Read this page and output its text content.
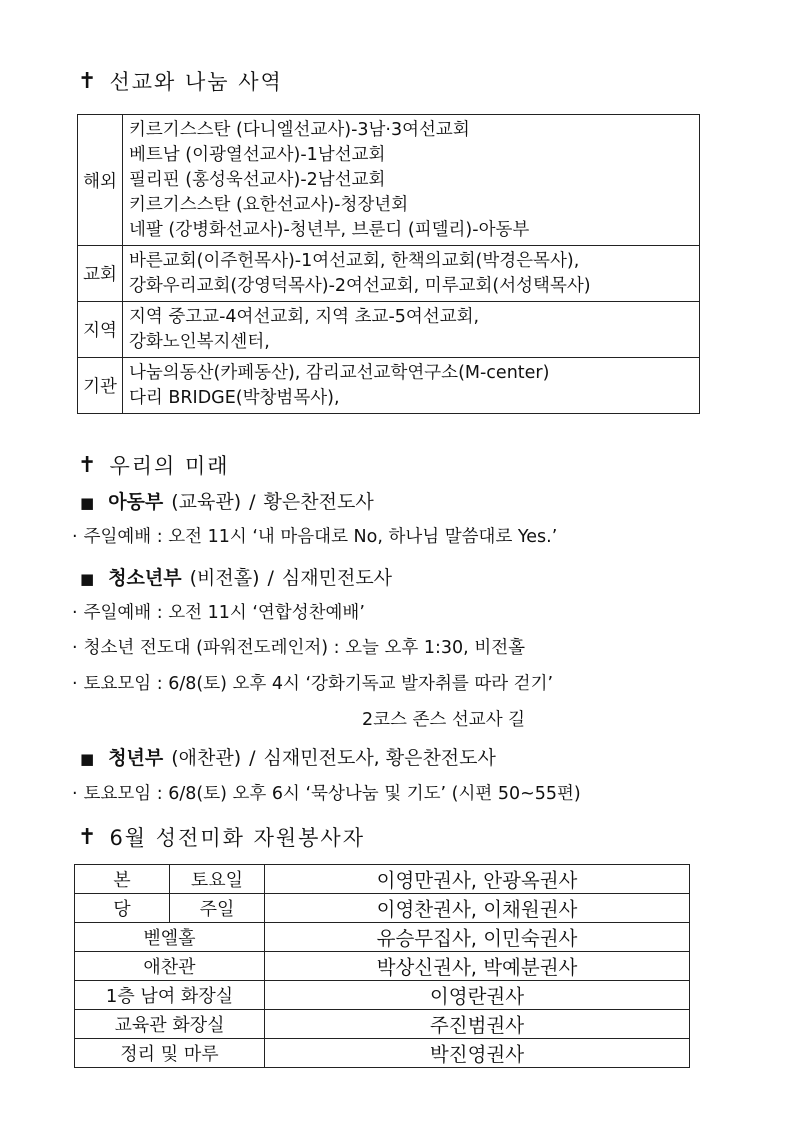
✝ 선교와 나눔 사역
해외	키르기스스탄 (다니엘선교사)-3남·3여선교회
베트남 (이광열선교사)-1남선교회
필리핀 (홍성욱선교사)-2남선교회
키르기스스탄 (요한선교사)-청장년회
네팔 (강병화선교사)-청년부, 브룬디 (피델리)-아동부

교회	바른교회(이주헌목사)-1여선교회, 한책의교회(박경은목사),
강화우리교회(강영덕목사)-2여선교회, 미루교회(서성택목사)

지역	지역 중고교-4여선교회, 지역 초교-5여선교회,
강화노인복지센터,

기관	나눔의동산(카페동산), 감리교선교학연구소(M-center)
다리 BRIDGE(박창범목사),
✝ 우리의 미래
■ 아동부 (교육관) / 황은찬전도사
· 주일예배 : 오전 11시 ‘내 마음대로 No, 하나님 말씀대로 Yes.’
■ 청소년부 (비전홀) / 심재민전도사
· 주일예배 : 오전 11시 ‘연합성찬예배’
· 청소년 전도대 (파워전도레인저) : 오늘 오후 1:30, 비전홀
· 토요모임 : 6/8(토) 오후 4시 ‘강화기독교 발자취를 따라 걷기’
2코스 존스 선교사 길
■ 청년부 (애찬관) / 심재민전도사, 황은찬전도사
· 토요모임 : 6/8(토) 오후 6시 ‘묵상나눔 및 기도’ (시편 50~55편)
✝ 6월 성전미화 자원봉사자
본	토요일	이영만권사, 안광옥권사
당	주일	이영찬권사, 이채원권사
벧엘홀		유승무집사, 이민숙권사
애찬관		박상신권사, 박예분권사
1층 남여 화장실		이영란권사
교육관 화장실		주진범권사
정리 및 마루		박진영권사
